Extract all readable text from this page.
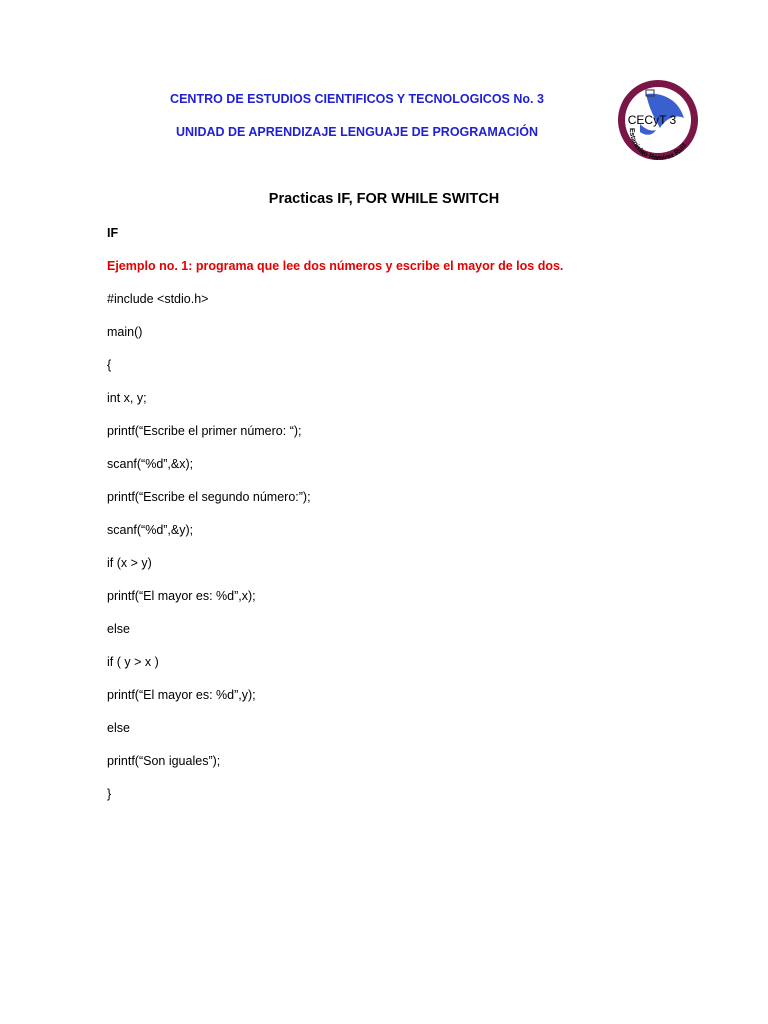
CENTRO DE ESTUDIOS CIENTIFICOS Y TECNOLOGICOS No. 3
UNIDAD DE APRENDIZAJE LENGUAJE DE PROGRAMACIÓN
CECyT 3
Estanislao Ramírez Ruiz
Practicas IF, FOR WHILE SWITCH
IF
Ejemplo no. 1: programa que lee dos números y escribe el mayor de los dos.
#include <stdio.h>
main()
{
int x, y;
printf(“Escribe el primer número: “);
scanf(“%d”,&x);
printf(“Escribe el segundo número:”);
scanf(“%d”,&y);
if (x > y)
printf(“El mayor es: %d”,x);
else
if ( y > x )
printf(“El mayor es: %d”,y);
else
printf(“Son iguales”);
}
